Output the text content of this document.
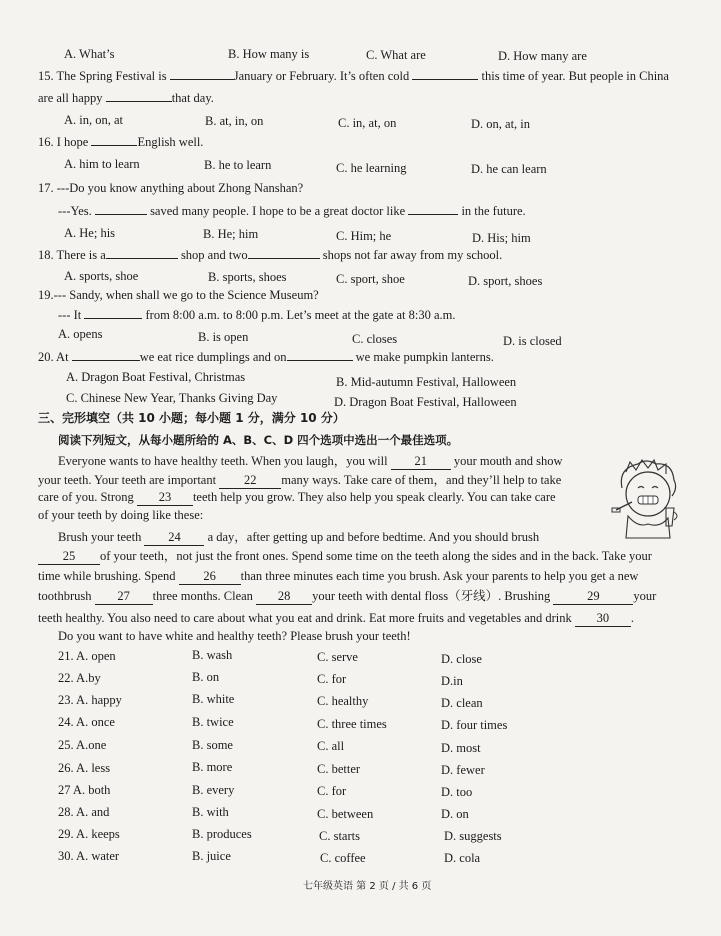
A. What’s	B. How many is	C. What are	D. How many are
15. The Spring Festival is	January or February. It’s often cold	this time of year. But people in China
are all happy	that day.
A. in, on, at	B. at, in, on	C. in, at, on	D. on, at, in
16. I hope	English well.
A. him to learn	B. he to learn	C. he learning	D. he can learn
17. ---Do you know anything about Zhong Nanshan?
---Yes.	saved many people. I hope to be a great doctor like	in the future.
A. He; his	B. He; him	C. Him; he	D. His; him
18. There is a	shop and two	shops not far away from my school.
A. sports, shoe	B. sports, shoes	C. sport, shoe	D. sport, shoes
19.--- Sandy, when shall we go to the Science Museum?
--- It	from 8:00 a.m. to 8:00 p.m. Let’s meet at the gate at 8:30 a.m.
A. opens	B. is open	C. closes	D. is closed
20. At	we eat rice dumplings and on	we make pumpkin lanterns.
A. Dragon Boat Festival, Christmas	B. Mid-autumn Festival, Halloween
C. Chinese New Year, Thanks Giving Day	D. Dragon Boat Festival, Halloween
三、完形填空（共 10 小题；每小题 1 分，满分 10 分）
阅读下列短文，从每小题所给的 A、B、C、D 四个选项中选出一个最佳选项。
Everyone wants to have healthy teeth. When you laugh，you will 21 your mouth and show
your teeth. Your teeth are important 22 many ways. Take care of them，and they’ll help to take
care of you. Strong 23 teeth help you grow. They also help you speak clearly. You can take care
of your teeth by doing like these:
Brush your teeth 24 a day，after getting up and before bedtime. And you should brush
25 of your teeth，not just the front ones. Spend some time on the teeth along the sides and in the back. Take your
time while brushing. Spend 26 than three minutes each time you brush. Ask your parents to help you get a new
toothbrush 27 three months. Clean 28 your teeth with dental floss（牙线）. Brushing	29	your
teeth healthy. You also need to care about what you eat and drink. Eat more fruits and vegetables and drink 30 .
Do you want to have white and healthy teeth? Please brush your teeth!
21. A. open	B. wash	C. serve	D. close
22. A.by	B. on	C. for	D.in
23. A. happy	B. white	C. healthy	D. clean
24. A. once	B. twice	C. three times	D. four times
25. A.one	B. some	C. all	D. most
26. A. less	B. more	C. better	D. fewer
27 A. both	B. every	C. for	D. too
28. A. and	B. with	C. between	D. on
29. A. keeps	B. produces	C. starts	D. suggests
30. A. water	B. juice	C. coffee	D. cola
七年级英语 第 2 页 / 共 6 页
